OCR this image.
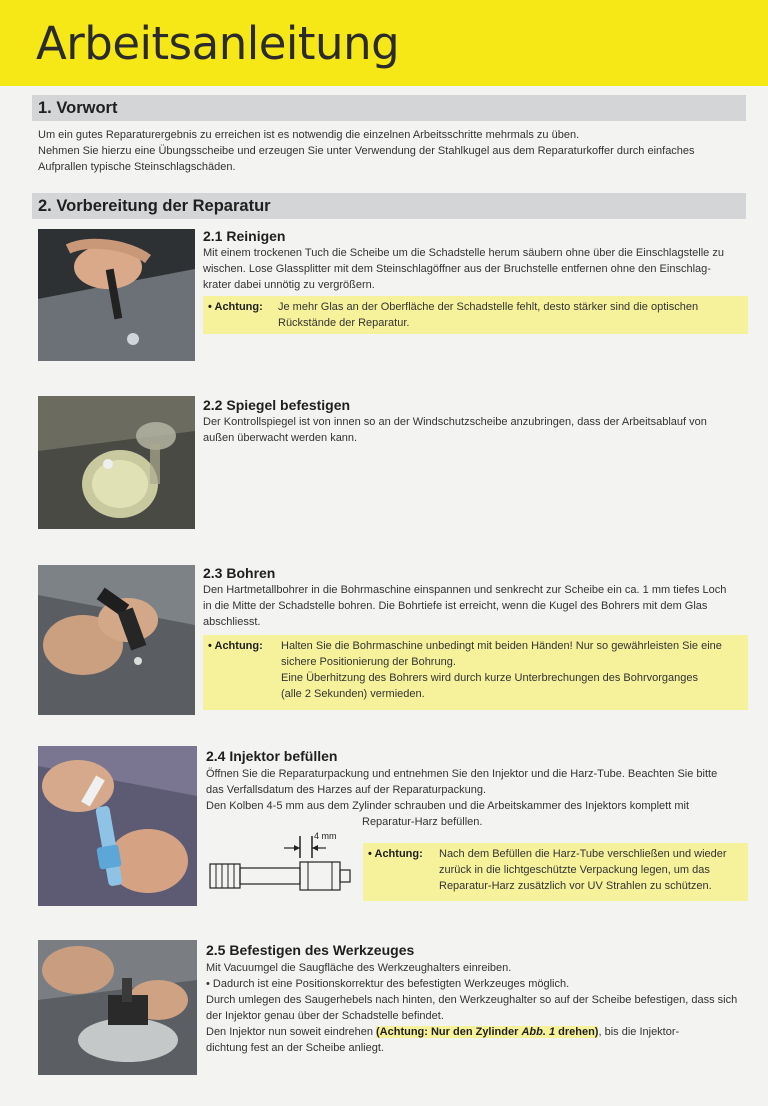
Arbeitsanleitung
1. Vorwort

Um ein gutes Reparaturergebnis zu erreichen ist es notwendig die einzelnen Arbeitsschritte mehrmals zu üben.

Nehmen Sie hierzu eine Übungsscheibe und erzeugen Sie unter Verwendung der Stahlkugel aus dem Reparaturkoffer durch einfaches

Aufprallen typische Steinschlagschäden.

2. Vorbereitung der Reparatur
2.1 Reinigen

Mit einem trockenen Tuch die Scheibe um die Schadstelle herum säubern ohne über die Einschlagstelle zu

wischen. Lose Glassplitter mit dem Steinschlagöffner aus der Bruchstelle entfernen ohne den Einschlag-

krater dabei unnötig zu vergrößern.

• Achtung: Je mehr Glas an der Oberfläche der Schadstelle fehlt, desto stärker sind die optischen

Rückstände der Reparatur.

2.2 Spiegel befestigen

Der Kontrollspiegel ist von innen so an der Windschutzscheibe anzubringen, dass der Arbeitsablauf von

außen überwacht werden kann.

2.3 Bohren

Den Hartmetallbohrer in die Bohrmaschine einspannen und senkrecht zur Scheibe ein ca. 1 mm tiefes Loch

in die Mitte der Schadstelle bohren. Die Bohrtiefe ist erreicht, wenn die Kugel des Bohrers mit dem Glas

abschliesst.

• Achtung: Halten Sie die Bohrmaschine unbedingt mit beiden Händen! Nur so gewährleisten Sie eine

sichere Positionierung der Bohrung.

Eine Überhitzung des Bohrers wird durch kurze Unterbrechungen des Bohrvorganges

(alle 2 Sekunden) vermieden.

2.4 Injektor befüllen

Öffnen Sie die Reparaturpackung und entnehmen Sie den Injektor und die Harz-Tube. Beachten Sie bitte

das Verfallsdatum des Harzes auf der Reparaturpackung.

Den Kolben 4-5 mm aus dem Zylinder schrauben und die Arbeitskammer des Injektors komplett mit

Reparatur-Harz befüllen.

4 mm
• Achtung: Nach dem Befüllen die Harz-Tube verschließen und wieder

zurück in die lichtgeschützte Verpackung legen, um das

Reparatur-Harz zusätzlich vor UV Strahlen zu schützen.

2.5 Befestigen des Werkzeuges

Mit Vacuumgel die Saugfläche des Werkzeughalters einreiben.

• Dadurch ist eine Positionskorrektur des befestigten Werkzeuges möglich.

Durch umlegen des Saugerhebels nach hinten, den Werkzeughalter so auf der Scheibe befestigen, dass sich

der Injektor genau über der Schadstelle befindet.

Den Injektor nun soweit eindrehen (Achtung: Nur den Zylinder Abb. 1 drehen), bis die Injektor-

dichtung fest an der Scheibe anliegt.
